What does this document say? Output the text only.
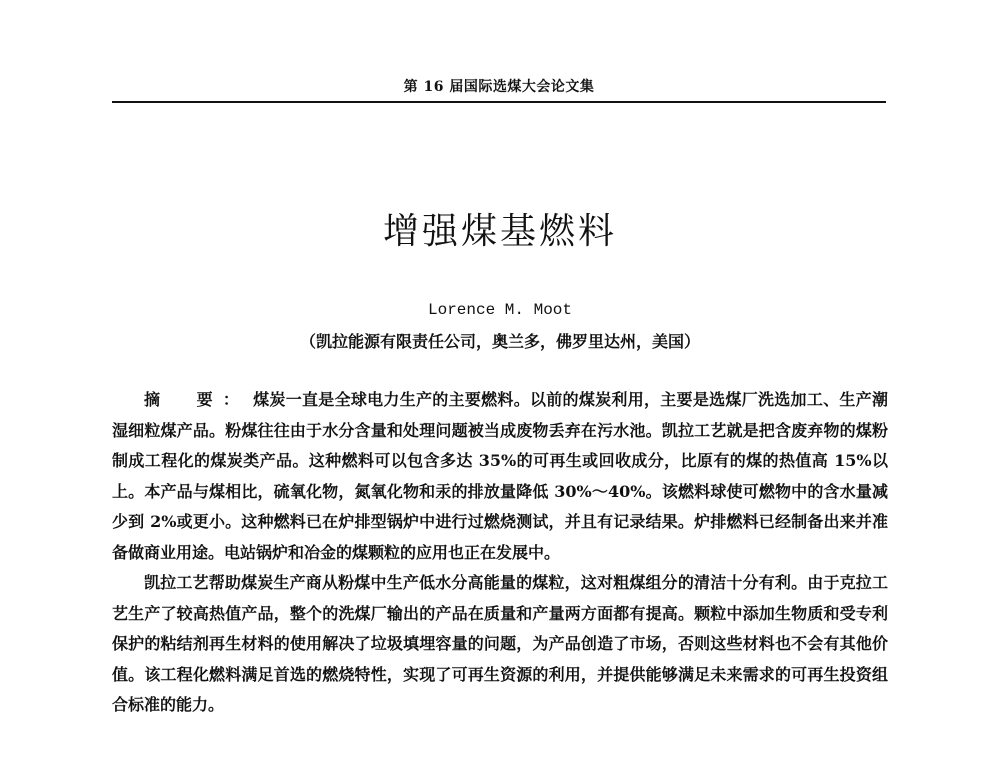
第 16 届国际选煤大会论文集
增强煤基燃料
Lorence M. Moot
（凯拉能源有限责任公司，奥兰多，佛罗里达州，美国）

摘　要： 煤炭一直是全球电力生产的主要燃料。以前的煤炭利用，主要是选煤厂洗选加工、生产潮湿细粒煤产品。粉煤往往由于水分含量和处理问题被当成废物丢弃在污水池。凯拉工艺就是把含废弃物的煤粉制成工程化的煤炭类产品。这种燃料可以包含多达 35%的可再生或回收成分，比原有的煤的热值高 15%以上。本产品与煤相比，硫氧化物，氮氧化物和汞的排放量降低 30%～40%。该燃料球使可燃物中的含水量减少到 2%或更小。这种燃料已在炉排型锅炉中进行过燃烧测试，并且有记录结果。炉排燃料已经制备出来并准备做商业用途。电站锅炉和冶金的煤颗粒的应用也正在发展中。

凯拉工艺帮助煤炭生产商从粉煤中生产低水分高能量的煤粒，这对粗煤组分的清洁十分有利。由于克拉工艺生产了较高热值产品，整个的洗煤厂输出的产品在质量和产量两方面都有提高。颗粒中添加生物质和受专利保护的粘结剂再生材料的使用解决了垃圾填埋容量的问题，为产品创造了市场，否则这些材料也不会有其他价值。该工程化燃料满足首选的燃烧特性，实现了可再生资源的利用，并提供能够满足未来需求的可再生投资组合标准的能力。
